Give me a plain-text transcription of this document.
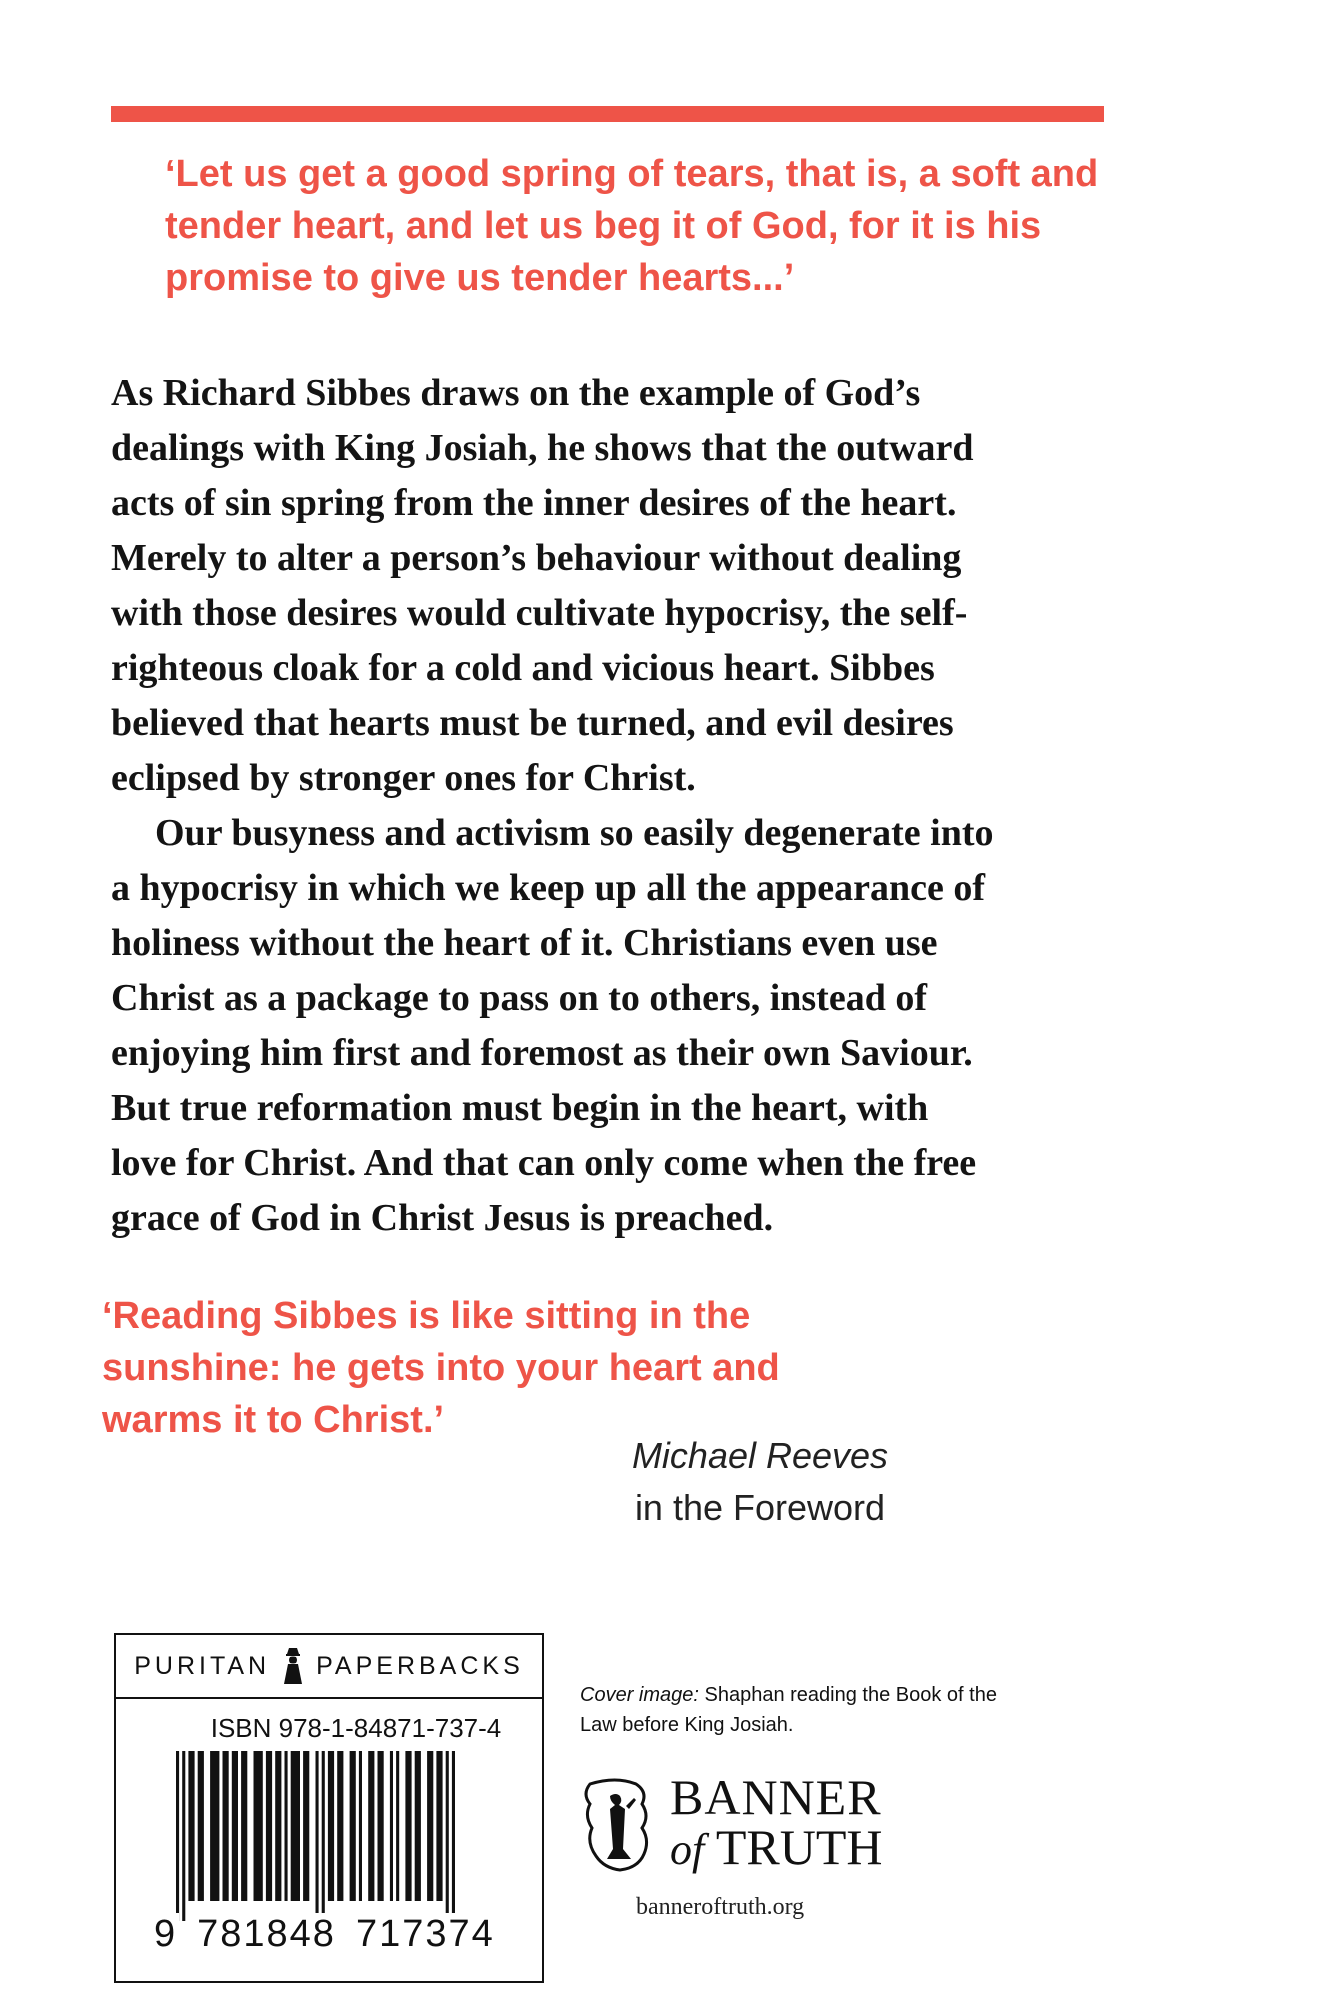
‘Let us get a good spring of tears, that is, a soft and
tender heart, and let us beg it of God, for it is his
promise to give us tender hearts...’
As Richard Sibbes draws on the example of God’s
dealings with King Josiah, he shows that the outward
acts of sin spring from the inner desires of the heart.
Merely to alter a person’s behaviour without dealing
with those desires would cultivate hypocrisy, the self-
righteous cloak for a cold and vicious heart. Sibbes
believed that hearts must be turned, and evil desires
eclipsed by stronger ones for Christ.
Our busyness and activism so easily degenerate into
a hypocrisy in which we keep up all the appearance of
holiness without the heart of it. Christians even use
Christ as a package to pass on to others, instead of
enjoying him first and foremost as their own Saviour.
But true reformation must begin in the heart, with
love for Christ. And that can only come when the free
grace of God in Christ Jesus is preached.
‘Reading Sibbes is like sitting in the
sunshine: he gets into your heart and
warms it to Christ.’
Michael Reeves
in the Foreword
PURITAN PAPERBACKS
ISBN 978-1-84871-737-4
9 781848 717374
Cover image: Shaphan reading the Book of the Law before King Josiah.
BANNER
of TRUTH
banneroftruth.org
